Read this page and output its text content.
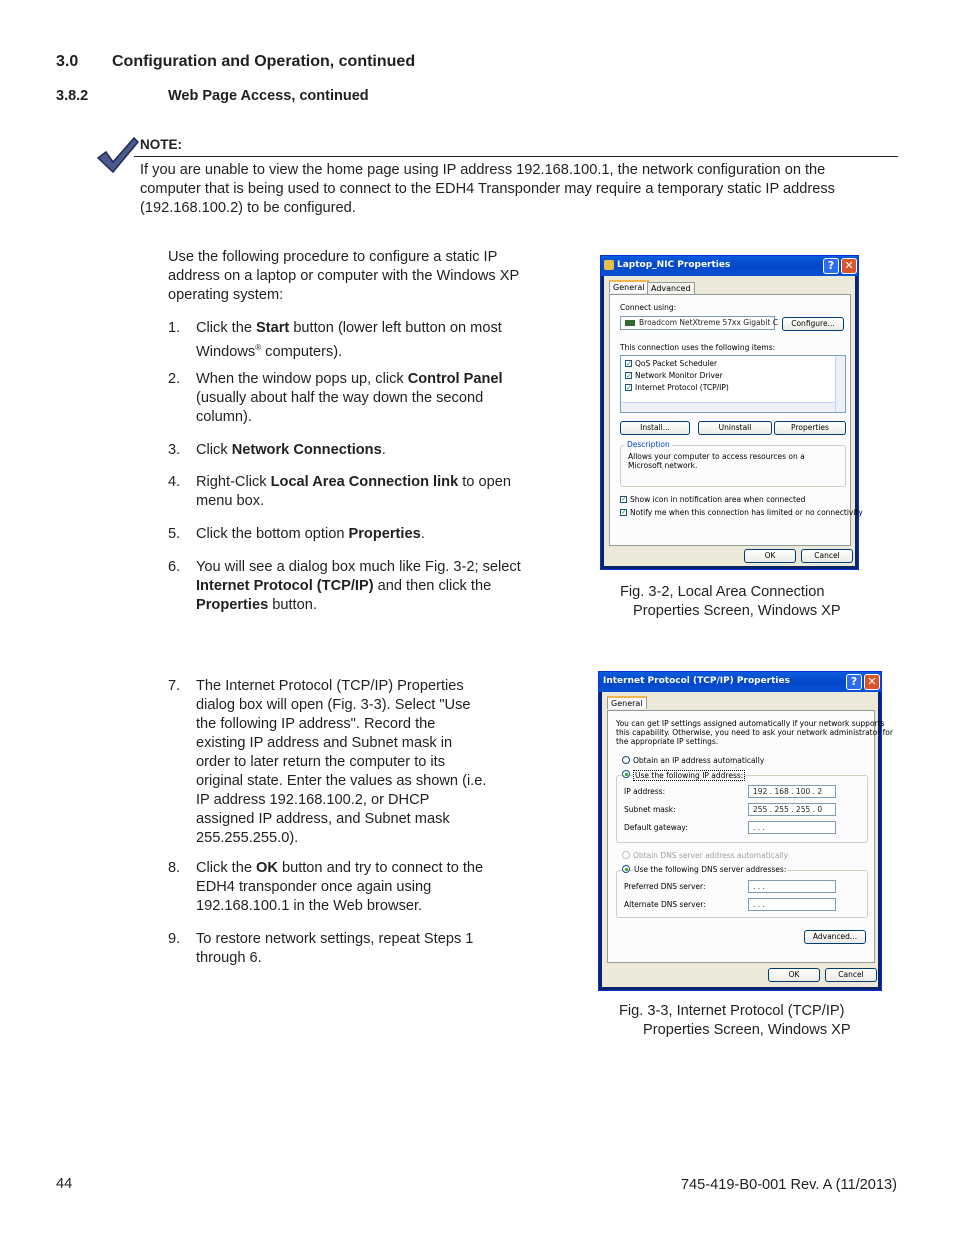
3.0 Configuration and Operation, continued
3.8.2	Web Page Access, continued
NOTE:
If you are unable to view the home page using IP address 192.168.100.1, the network configuration on the computer that is being used to connect to the EDH4 Transponder may require a temporary static IP address (192.168.100.2) to be configured.
Use the following procedure to configure a static IP address on a laptop or computer with the Windows XP operating system:
1. Click the Start button (lower left button on most Windows® computers).

2. When the window pops up, click Control Panel (usually about half the way down the second column).

3. Click Network Connections.

4. Right-Click Local Area Connection link to open menu box.

5. Click the bottom option Properties.

6. You will see a dialog box much like Fig. 3-2; select Internet Protocol (TCP/IP) and then click the Properties button.

7. The Internet Protocol (TCP/IP) Properties dialog box will open (Fig. 3-3). Select "Use the following IP address". Record the existing IP address and Subnet mask in order to later return the computer to its original state. Enter the values as shown (i.e. IP address 192.168.100.2, or DHCP assigned IP address, and Subnet mask 255.255.255.0).

8. Click the OK button and try to connect to the EDH4 transponder once again using 192.168.100.1 in the Web browser.

9. To restore network settings, repeat Steps 1 through 6.

Laptop_NIC Properties	? ✕
General Advanced
Connect using:
Broadcom NetXtreme 57xx Gigabit C	Configure...
This connection uses the following items:
✓ QoS Packet Scheduler
✓ Network Monitor Driver
✓ Internet Protocol (TCP/IP)
Install...	Uninstall	Properties
Description
Allows your computer to access resources on a Microsoft network.
✓ Show icon in notification area when connected
✓ Notify me when this connection has limited or no connectivity
OK	Cancel
Fig. 3-2, Local Area Connection
Properties Screen, Windows XP
Internet Protocol (TCP/IP) Properties	? ✕
General
You can get IP settings assigned automatically if your network supports
this capability. Otherwise, you need to ask your network administrator for
the appropriate IP settings.
Obtain an IP address automatically
Use the following IP address:
IP address:	192 . 168 . 100 . 2
Subnet mask:	255 . 255 . 255 . 0
Default gateway:	. . .
Obtain DNS server address automatically
Use the following DNS server addresses:
Preferred DNS server:	. . .
Alternate DNS server:	. . .
Advanced...
OK	Cancel
Fig. 3-3, Internet Protocol (TCP/IP)
Properties Screen, Windows XP
44	745-419-B0-001 Rev. A (11/2013)
